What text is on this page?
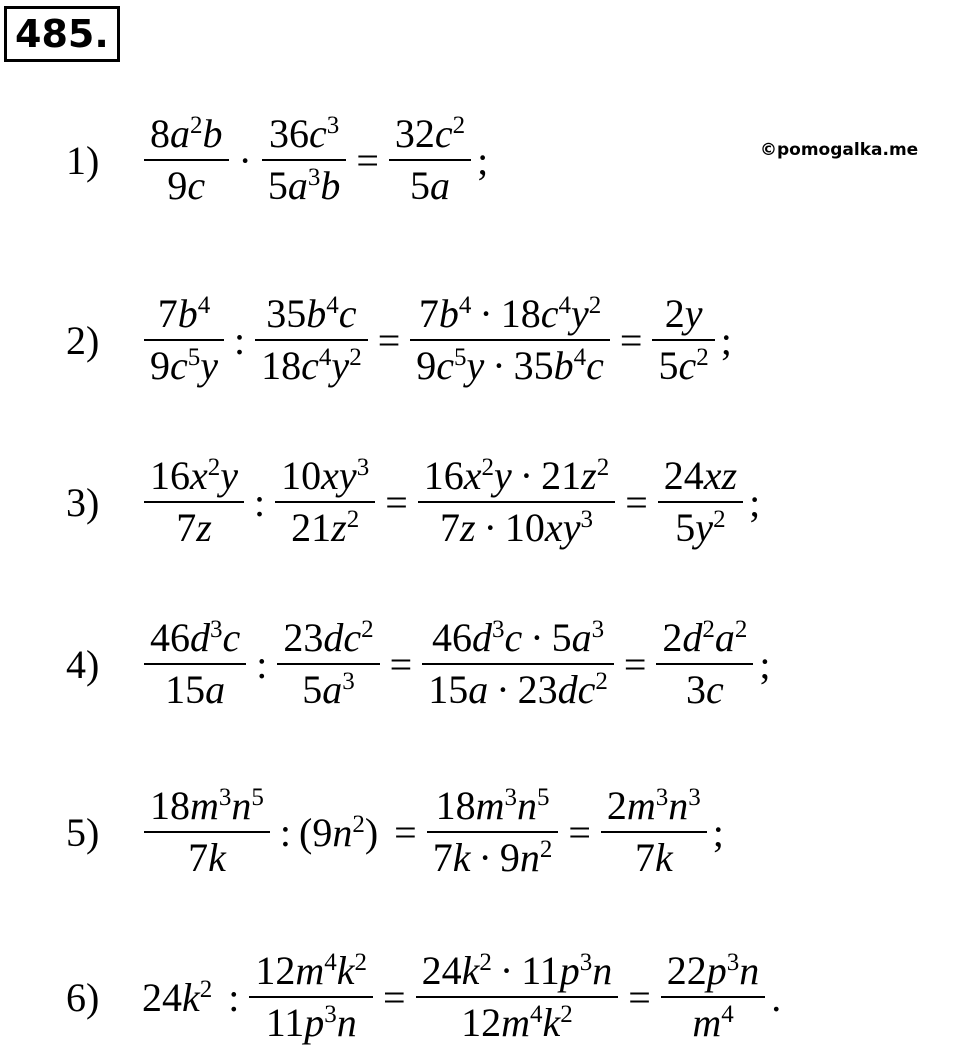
485.
©pomogalka.me
1)	$\frac{8a^2b}{9c} \cdot \frac{36c^3}{5a^3b} = \frac{32c^2}{5a}$ ;
2)	$\frac{7b^4}{9c^5y}$ : $\frac{35b^4c}{18c^4y^2} = \frac{7b^4 \cdot 18c^4y^2}{9c^5y \cdot 35b^4c} = \frac{2y}{5c^2}$ ;
3)	$\frac{16x^2y}{7z}$ : $\frac{10xy^3}{21z^2} = \frac{16x^2y \cdot 21z^2}{7z \cdot 10xy^3} = \frac{24xz}{5y^2}$ ;
4)	$\frac{46d^3c}{15a}$ : $\frac{23dc^2}{5a^3} = \frac{46d^3c \cdot 5a^3}{15a \cdot 23dc^2} = \frac{2d^2a^2}{3c}$ ;
5)	$\frac{18m^3n^5}{7k}$ : $(9n^2) = \frac{18m^3n^5}{7k \cdot 9n^2} = \frac{2m^3n^3}{7k}$ ;
6)	$24k^2$ : $\frac{12m^4k^2}{11p^3n} = \frac{24k^2 \cdot 11p^3n}{12m^4k^2} = \frac{22p^3n}{m^4}$ .
